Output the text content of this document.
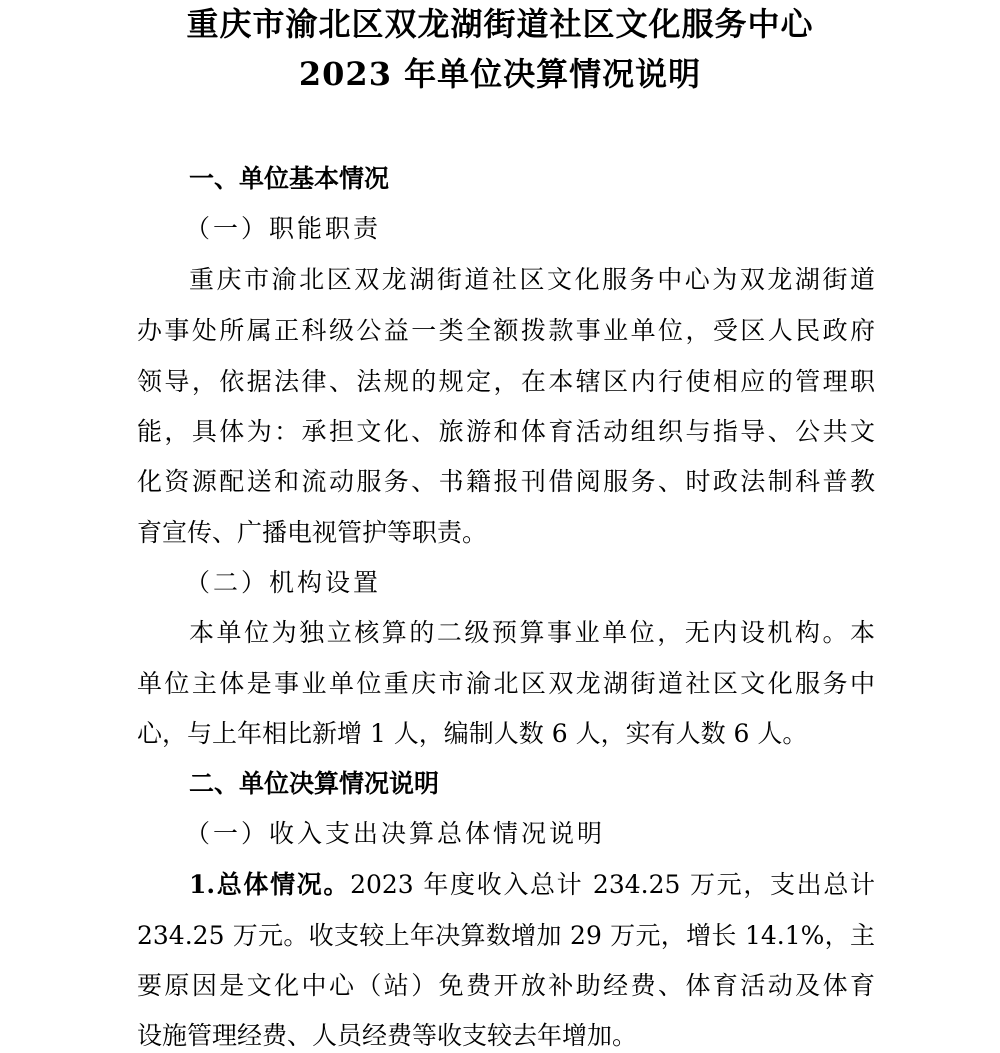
重庆市渝北区双龙湖街道社区文化服务中心
2023 年单位决算情况说明
一、单位基本情况
（一）职能职责
重庆市渝北区双龙湖街道社区文化服务中心为双龙湖街道
办事处所属正科级公益一类全额拨款事业单位，受区人民政府
领导，依据法律、法规的规定，在本辖区内行使相应的管理职
能，具体为：承担文化、旅游和体育活动组织与指导、公共文
化资源配送和流动服务、书籍报刊借阅服务、时政法制科普教
育宣传、广播电视管护等职责。
（二）机构设置
本单位为独立核算的二级预算事业单位，无内设机构。本
单位主体是事业单位重庆市渝北区双龙湖街道社区文化服务中
心，与上年相比新增 1 人，编制人数 6 人，实有人数 6 人。
二、单位决算情况说明
（一）收入支出决算总体情况说明
1.总体情况。2023 年度收入总计 234.25 万元，支出总计
234.25 万元。收支较上年决算数增加 29 万元，增长 14.1%，主
要原因是文化中心（站）免费开放补助经费、体育活动及体育
设施管理经费、人员经费等收支较去年增加。
